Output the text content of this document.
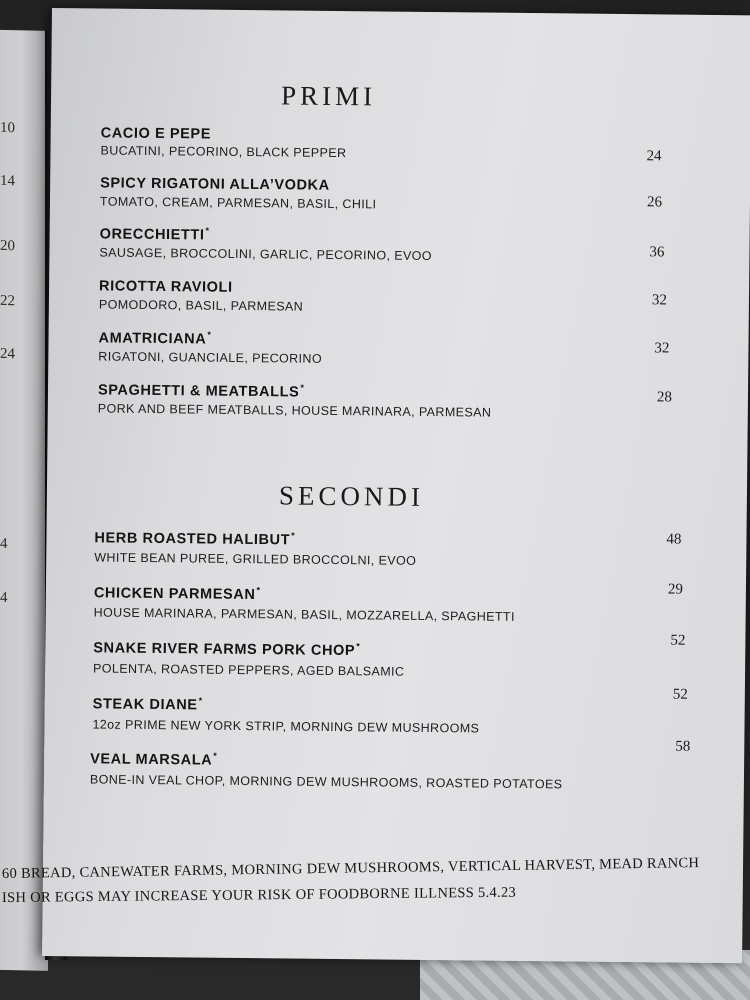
10
14
20
22
24
4
4
PRIMI
CACIO E PEPE
BUCATINI, PECORINO, BLACK PEPPER	24
SPICY RIGATONI ALLA’VODKA
TOMATO, CREAM, PARMESAN, BASIL, CHILI	26
ORECCHIETTI*
SAUSAGE, BROCCOLINI, GARLIC, PECORINO, EVOO	36
RICOTTA RAVIOLI
POMODORO, BASIL, PARMESAN	32
AMATRICIANA*
RIGATONI, GUANCIALE, PECORINO
32
SPAGHETTI & MEATBALLS*
PORK AND BEEF MEATBALLS, HOUSE MARINARA, PARMESAN
28
SECONDI
HERB ROASTED HALIBUT*
WHITE BEAN PUREE, GRILLED BROCCOLNI, EVOO
48
CHICKEN PARMESAN*
HOUSE MARINARA, PARMESAN, BASIL, MOZZARELLA, SPAGHETTI
29
SNAKE RIVER FARMS PORK CHOP*
POLENTA, ROASTED PEPPERS, AGED BALSAMIC
52
STEAK DIANE*
12oz PRIME NEW YORK STRIP, MORNING DEW MUSHROOMS
52
VEAL MARSALA*
BONE-IN VEAL CHOP, MORNING DEW MUSHROOMS, ROASTED POTATOES
58
60 BREAD, CANEWATER FARMS, MORNING DEW MUSHROOMS, VERTICAL HARVEST, MEAD RANCH
ISH OR EGGS MAY INCREASE YOUR RISK OF FOODBORNE ILLNESS 5.4.23
